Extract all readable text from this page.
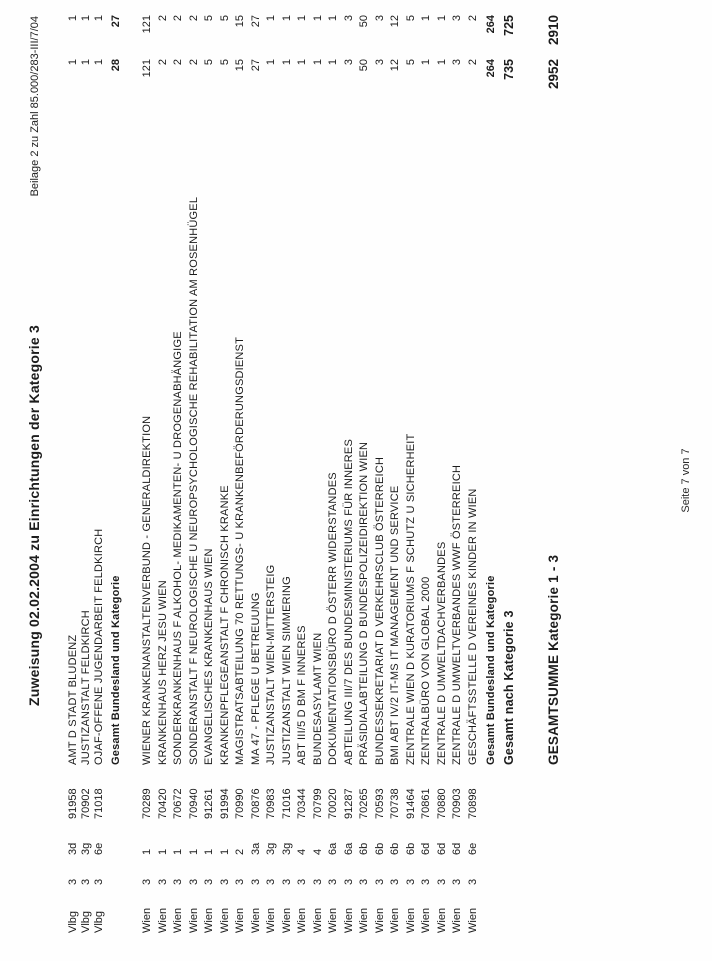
Zuweisung 02.02.2004 zu Einrichtungen der Kategorie 3
Beilage 2 zu Zahl 85.000/283-III/7/04
Vlbg
3
3d
91958
AMT D STADT BLUDENZ
1
1
Vlbg
3
3g
70902
JUSTIZANSTALT FELDKIRCH
1
1
Vlbg
3
6e
71018
OJAF-OFFENE JUGENDARBEIT FELDKIRCH
1
1
Gesamt Bundesland und Kategorie
28
27
Wien
3
1
70289
WIENER KRANKENANSTALTENVERBUND - GENERALDIREKTION
121
121
Wien
3
1
70420
KRANKENHAUS HERZ JESU WIEN
2
2
Wien
3
1
70672
SONDERKRANKENHAUS F ALKOHOL- MEDIKAMENTEN- U DROGENABHÄNGIGE
2
2
Wien
3
1
70940
SONDERANSTALT F NEUROLOGISCHE U NEUROPSYCHOLOGISCHE REHABILITATION AM ROSENHÜGEL
2
2
Wien
3
1
91261
EVANGELISCHES KRANKENHAUS WIEN
5
5
Wien
3
1
91994
KRANKENPFLEGEANSTALT F CHRONISCH KRANKE
5
5
Wien
3
2
70990
MAGISTRATSABTEILUNG 70 RETTUNGS- U KRANKENBEFÖRDERUNGSDIENST
15
15
Wien
3
3a
70876
MA 47 - PFLEGE U BETREUUNG
27
27
Wien
3
3g
70983
JUSTIZANSTALT WIEN-MITTERSTEIG
1
1
Wien
3
3g
71016
JUSTIZANSTALT WIEN SIMMERING
1
1
Wien
3
4
70344
ABT III/5 D BM F INNERES
1
1
Wien
3
4
70799
BUNDESASYLAMT WIEN
1
1
Wien
3
6a
70020
DOKUMENTATIONSBÜRO D ÖSTERR WIDERSTANDES
1
1
Wien
3
6a
91287
ABTEILUNG III/7 DES BUNDESMINISTERIUMS FÜR INNERES
3
3
Wien
3
6b
70265
PRÄSIDIALABTEILUNG D BUNDESPOLIZEIDIREKTION WIEN
50
50
Wien
3
6b
70593
BUNDESSEKRETARIAT D VERKEHRSCLUB ÖSTERREICH
3
3
Wien
3
6b
70738
BMI ABT IV/2 IT-MS IT MANAGEMENT UND SERVICE
12
12
Wien
3
6b
91464
ZENTRALE WIEN D KURATORIUMS F SCHUTZ U SICHERHEIT
5
5
Wien
3
6d
70861
ZENTRALBÜRO VON GLOBAL 2000
1
1
Wien
3
6d
70880
ZENTRALE D UMWELTDACHVERBANDES
1
1
Wien
3
6d
70903
ZENTRALE D UMWELTVERBANDES WWF ÖSTERREICH
3
3
Wien
3
6e
70898
GESCHÄFTSSTELLE D VEREINES KINDER IN WIEN
2
2
Gesamt Bundesland und Kategorie
264
264
Gesamt nach Kategorie 3
735
725
GESAMTSUMME Kategorie 1 - 3
2952
2910
Seite 7 von 7
